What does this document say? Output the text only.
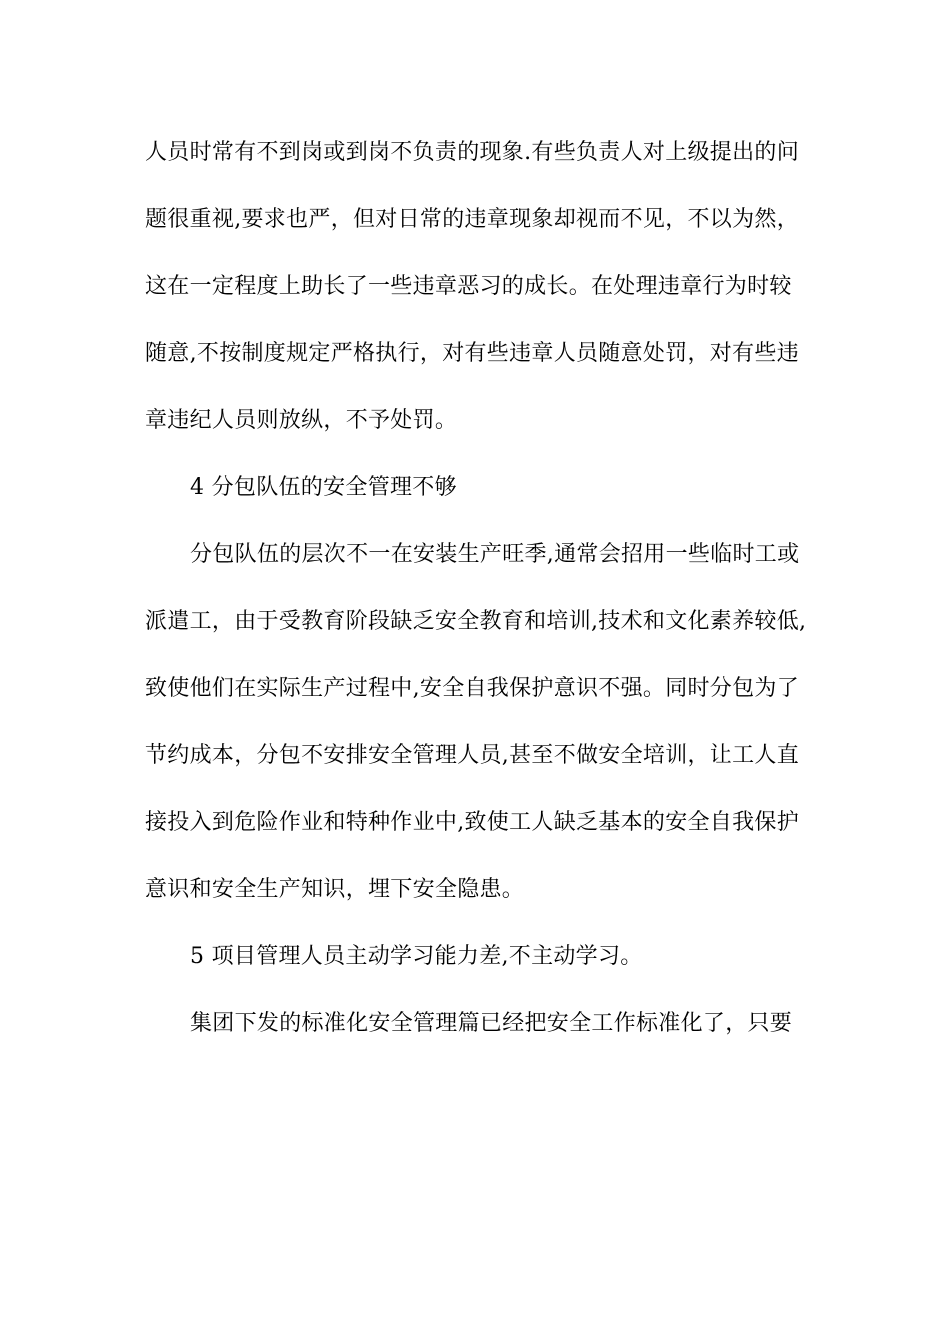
人员时常有不到岗或到岗不负责的现象.有些负责人对上级提出的问
题很重视,要求也严，但对日常的违章现象却视而不见，不以为然，
这在一定程度上助长了一些违章恶习的成长。在处理违章行为时较
随意,不按制度规定严格执行，对有些违章人员随意处罚，对有些违
章违纪人员则放纵，不予处罚。
4 分包队伍的安全管理不够
分包队伍的层次不一在安装生产旺季,通常会招用一些临时工或
派遣工，由于受教育阶段缺乏安全教育和培训,技术和文化素养较低,
致使他们在实际生产过程中,安全自我保护意识不强。同时分包为了
节约成本，分包不安排安全管理人员,甚至不做安全培训，让工人直
接投入到危险作业和特种作业中,致使工人缺乏基本的安全自我保护
意识和安全生产知识，埋下安全隐患。
5 项目管理人员主动学习能力差,不主动学习。
集团下发的标准化安全管理篇已经把安全工作标准化了，只要
